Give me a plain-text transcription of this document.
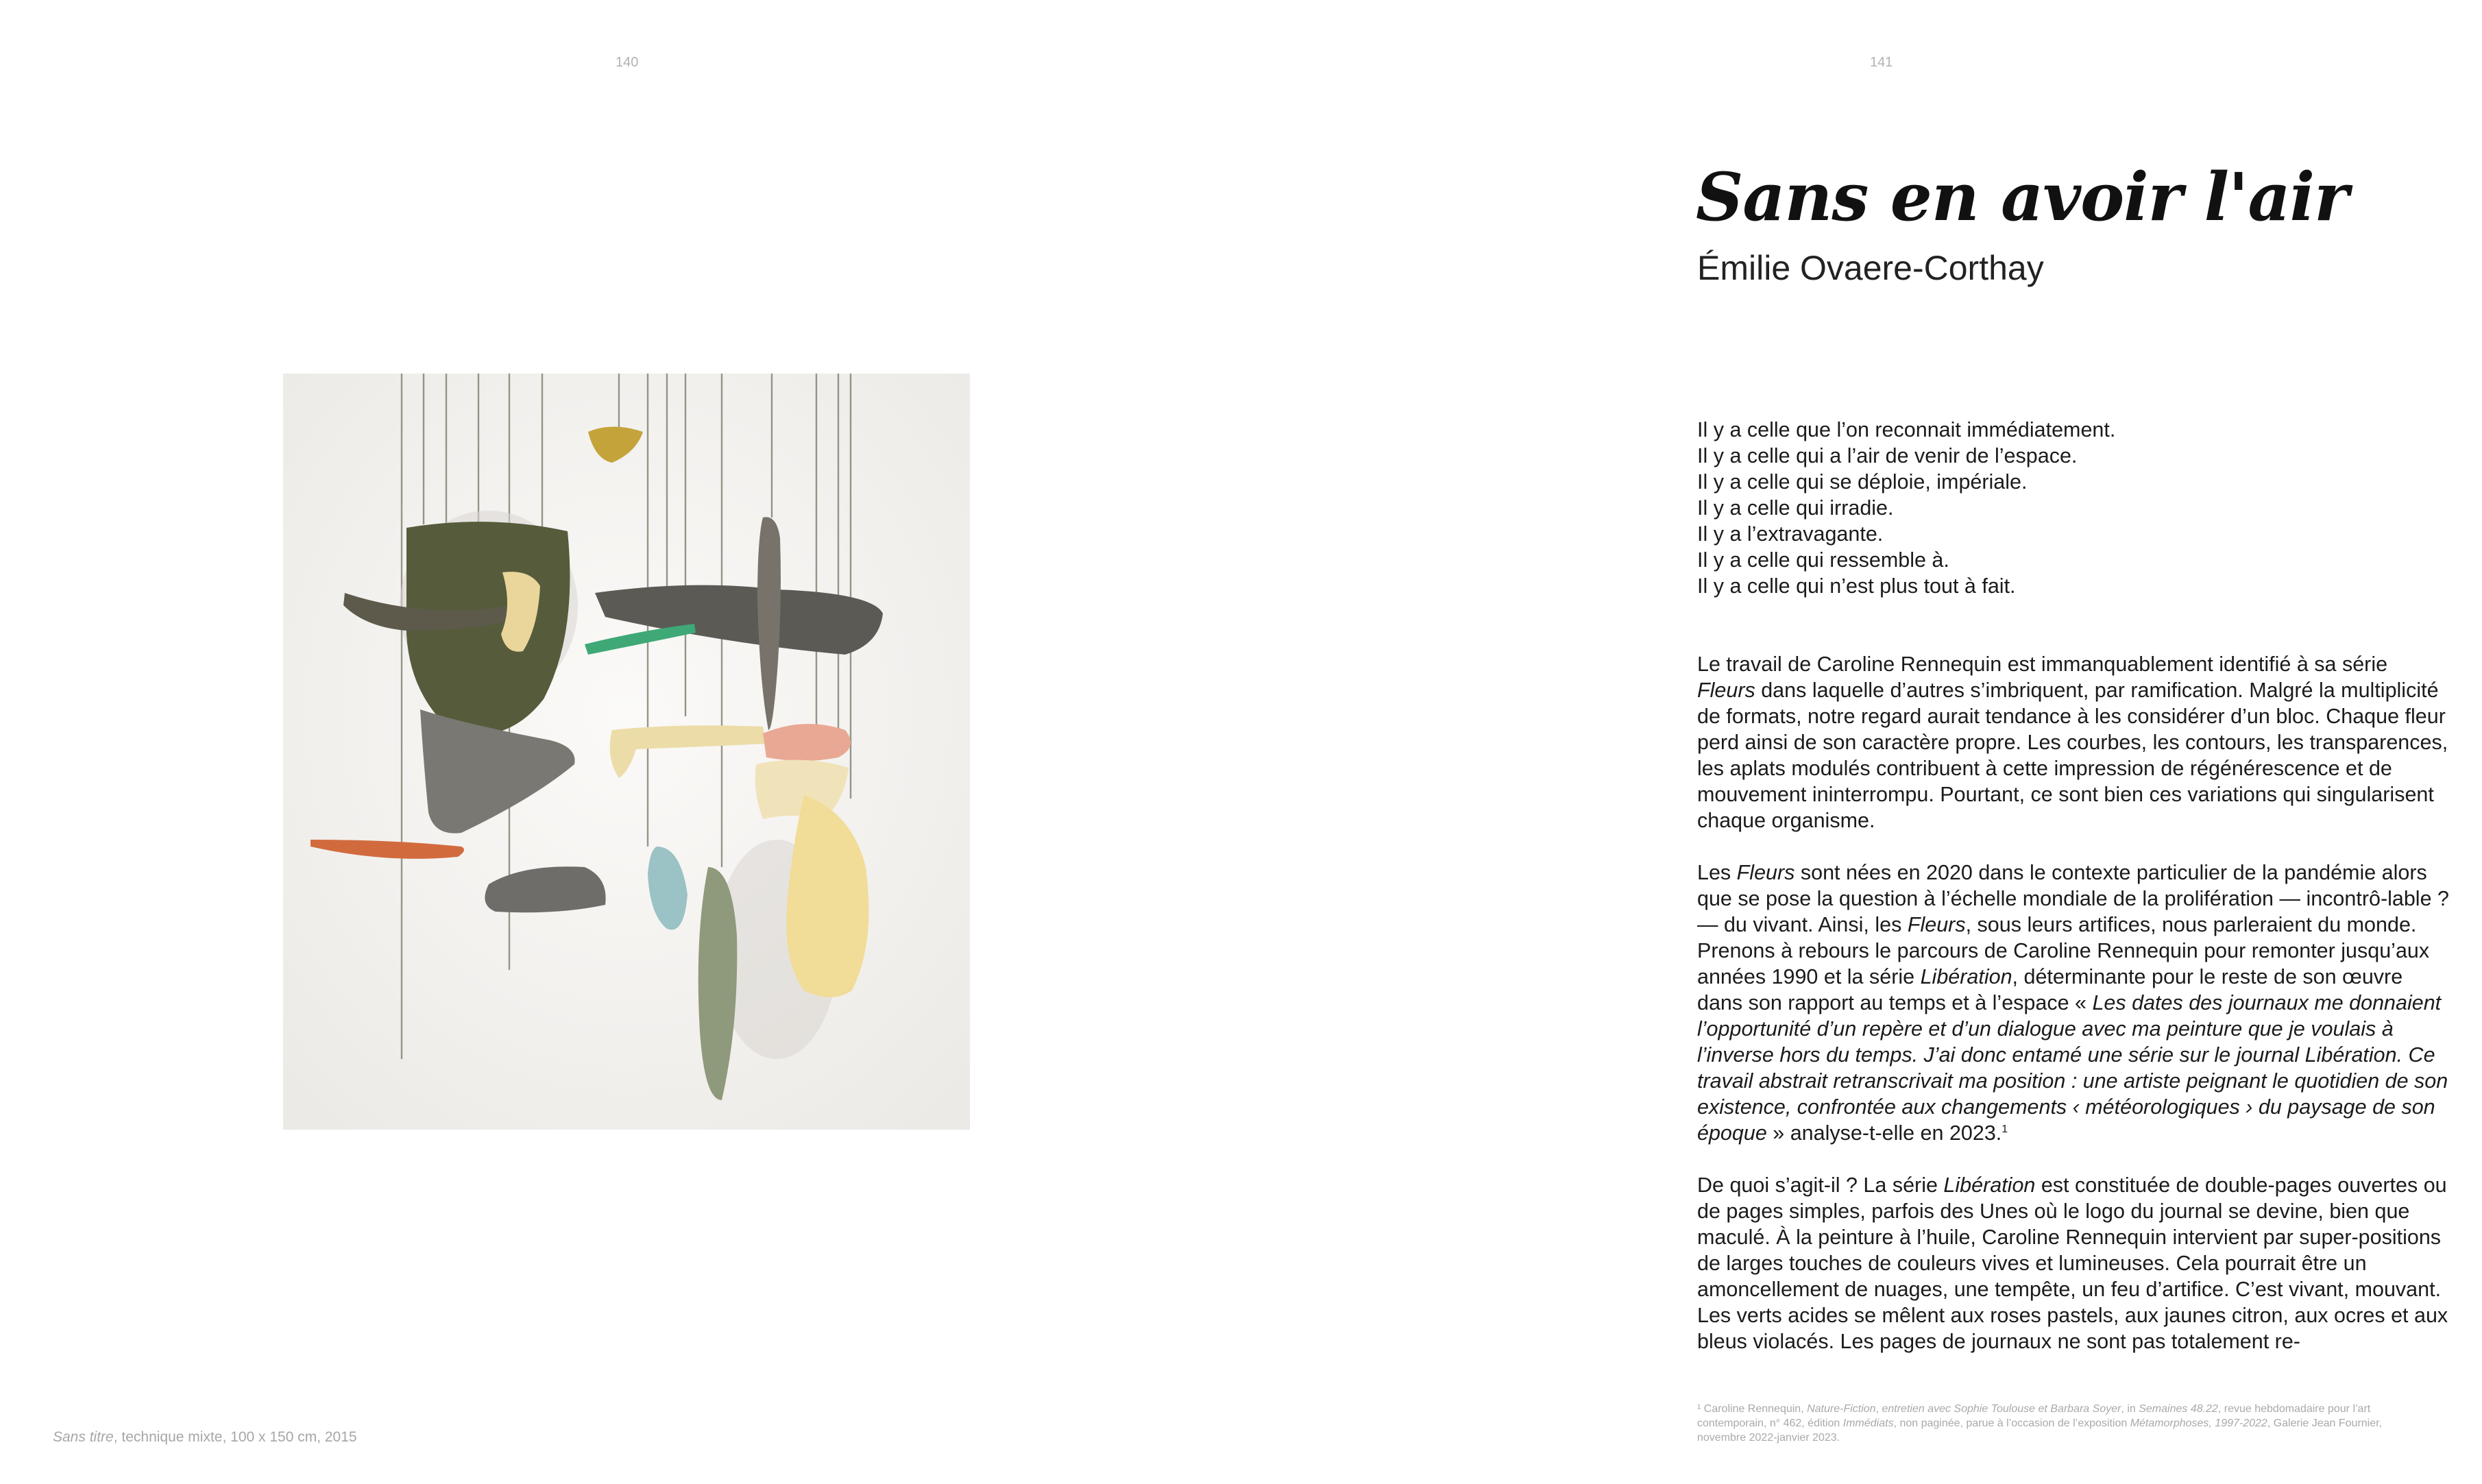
140
Sans titre, technique mixte, 100 x 150 cm, 2015
141
Sans en avoir l'air
Émilie Ovaere-Corthay

Il y a celle que l’on reconnait immédiatement.
Il y a celle qui a l’air de venir de l’espace.
Il y a celle qui se déploie, impériale.
Il y a celle qui irradie.
Il y a l’extravagante.
Il y a celle qui ressemble à.
Il y a celle qui n’est plus tout à fait.

Le travail de Caroline Rennequin est immanquablement identifié à sa série Fleurs dans laquelle d’autres s’imbriquent, par ramification. Malgré la multiplicité de formats, notre regard aurait tendance à les considérer d’un bloc. Chaque fleur perd ainsi de son caractère propre. Les courbes, les contours, les transparences, les aplats modulés contribuent à cette impression de régénérescence et de mouvement ininterrompu. Pourtant, ce sont bien ces variations qui singularisent chaque organisme.

Les Fleurs sont nées en 2020 dans le contexte particulier de la pandémie alors que se pose la question à l’échelle mondiale de la prolifération — incontrô-lable ? — du vivant. Ainsi, les Fleurs, sous leurs artifices, nous parleraient du monde. Prenons à rebours le parcours de Caroline Rennequin pour remonter jusqu’aux années 1990 et la série Libération, déterminante pour le reste de son œuvre dans son rapport au temps et à l’espace « Les dates des journaux me donnaient l’opportunité d’un repère et d’un dialogue avec ma peinture que je voulais à l’inverse hors du temps. J’ai donc entamé une série sur le journal Libération. Ce travail abstrait retranscrivait ma position : une artiste peignant le quotidien de son existence, confrontée aux changements ‹ météorologiques › du paysage de son époque » analyse-t-elle en 2023.$^1$

De quoi s’agit-il ? La série Libération est constituée de double-pages ouvertes ou de pages simples, parfois des Unes où le logo du journal se devine, bien que maculé. À la peinture à l’huile, Caroline Rennequin intervient par super-positions de larges touches de couleurs vives et lumineuses. Cela pourrait être un amoncellement de nuages, une tempête, un feu d’artifice. C’est vivant, mouvant. Les verts acides se mêlent aux roses pastels, aux jaunes citron, aux ocres et aux bleus violacés. Les pages de journaux ne sont pas totalement re-

¹ Caroline Rennequin, Nature-Fiction, entretien avec Sophie Toulouse et Barbara Soyer, in Semaines 48.22, revue hebdomadaire pour l’art contemporain, n° 462, édition Immédiats, non paginée, parue à l’occasion de l’exposition Métamorphoses, 1997-2022, Galerie Jean Fournier, novembre 2022-janvier 2023.
